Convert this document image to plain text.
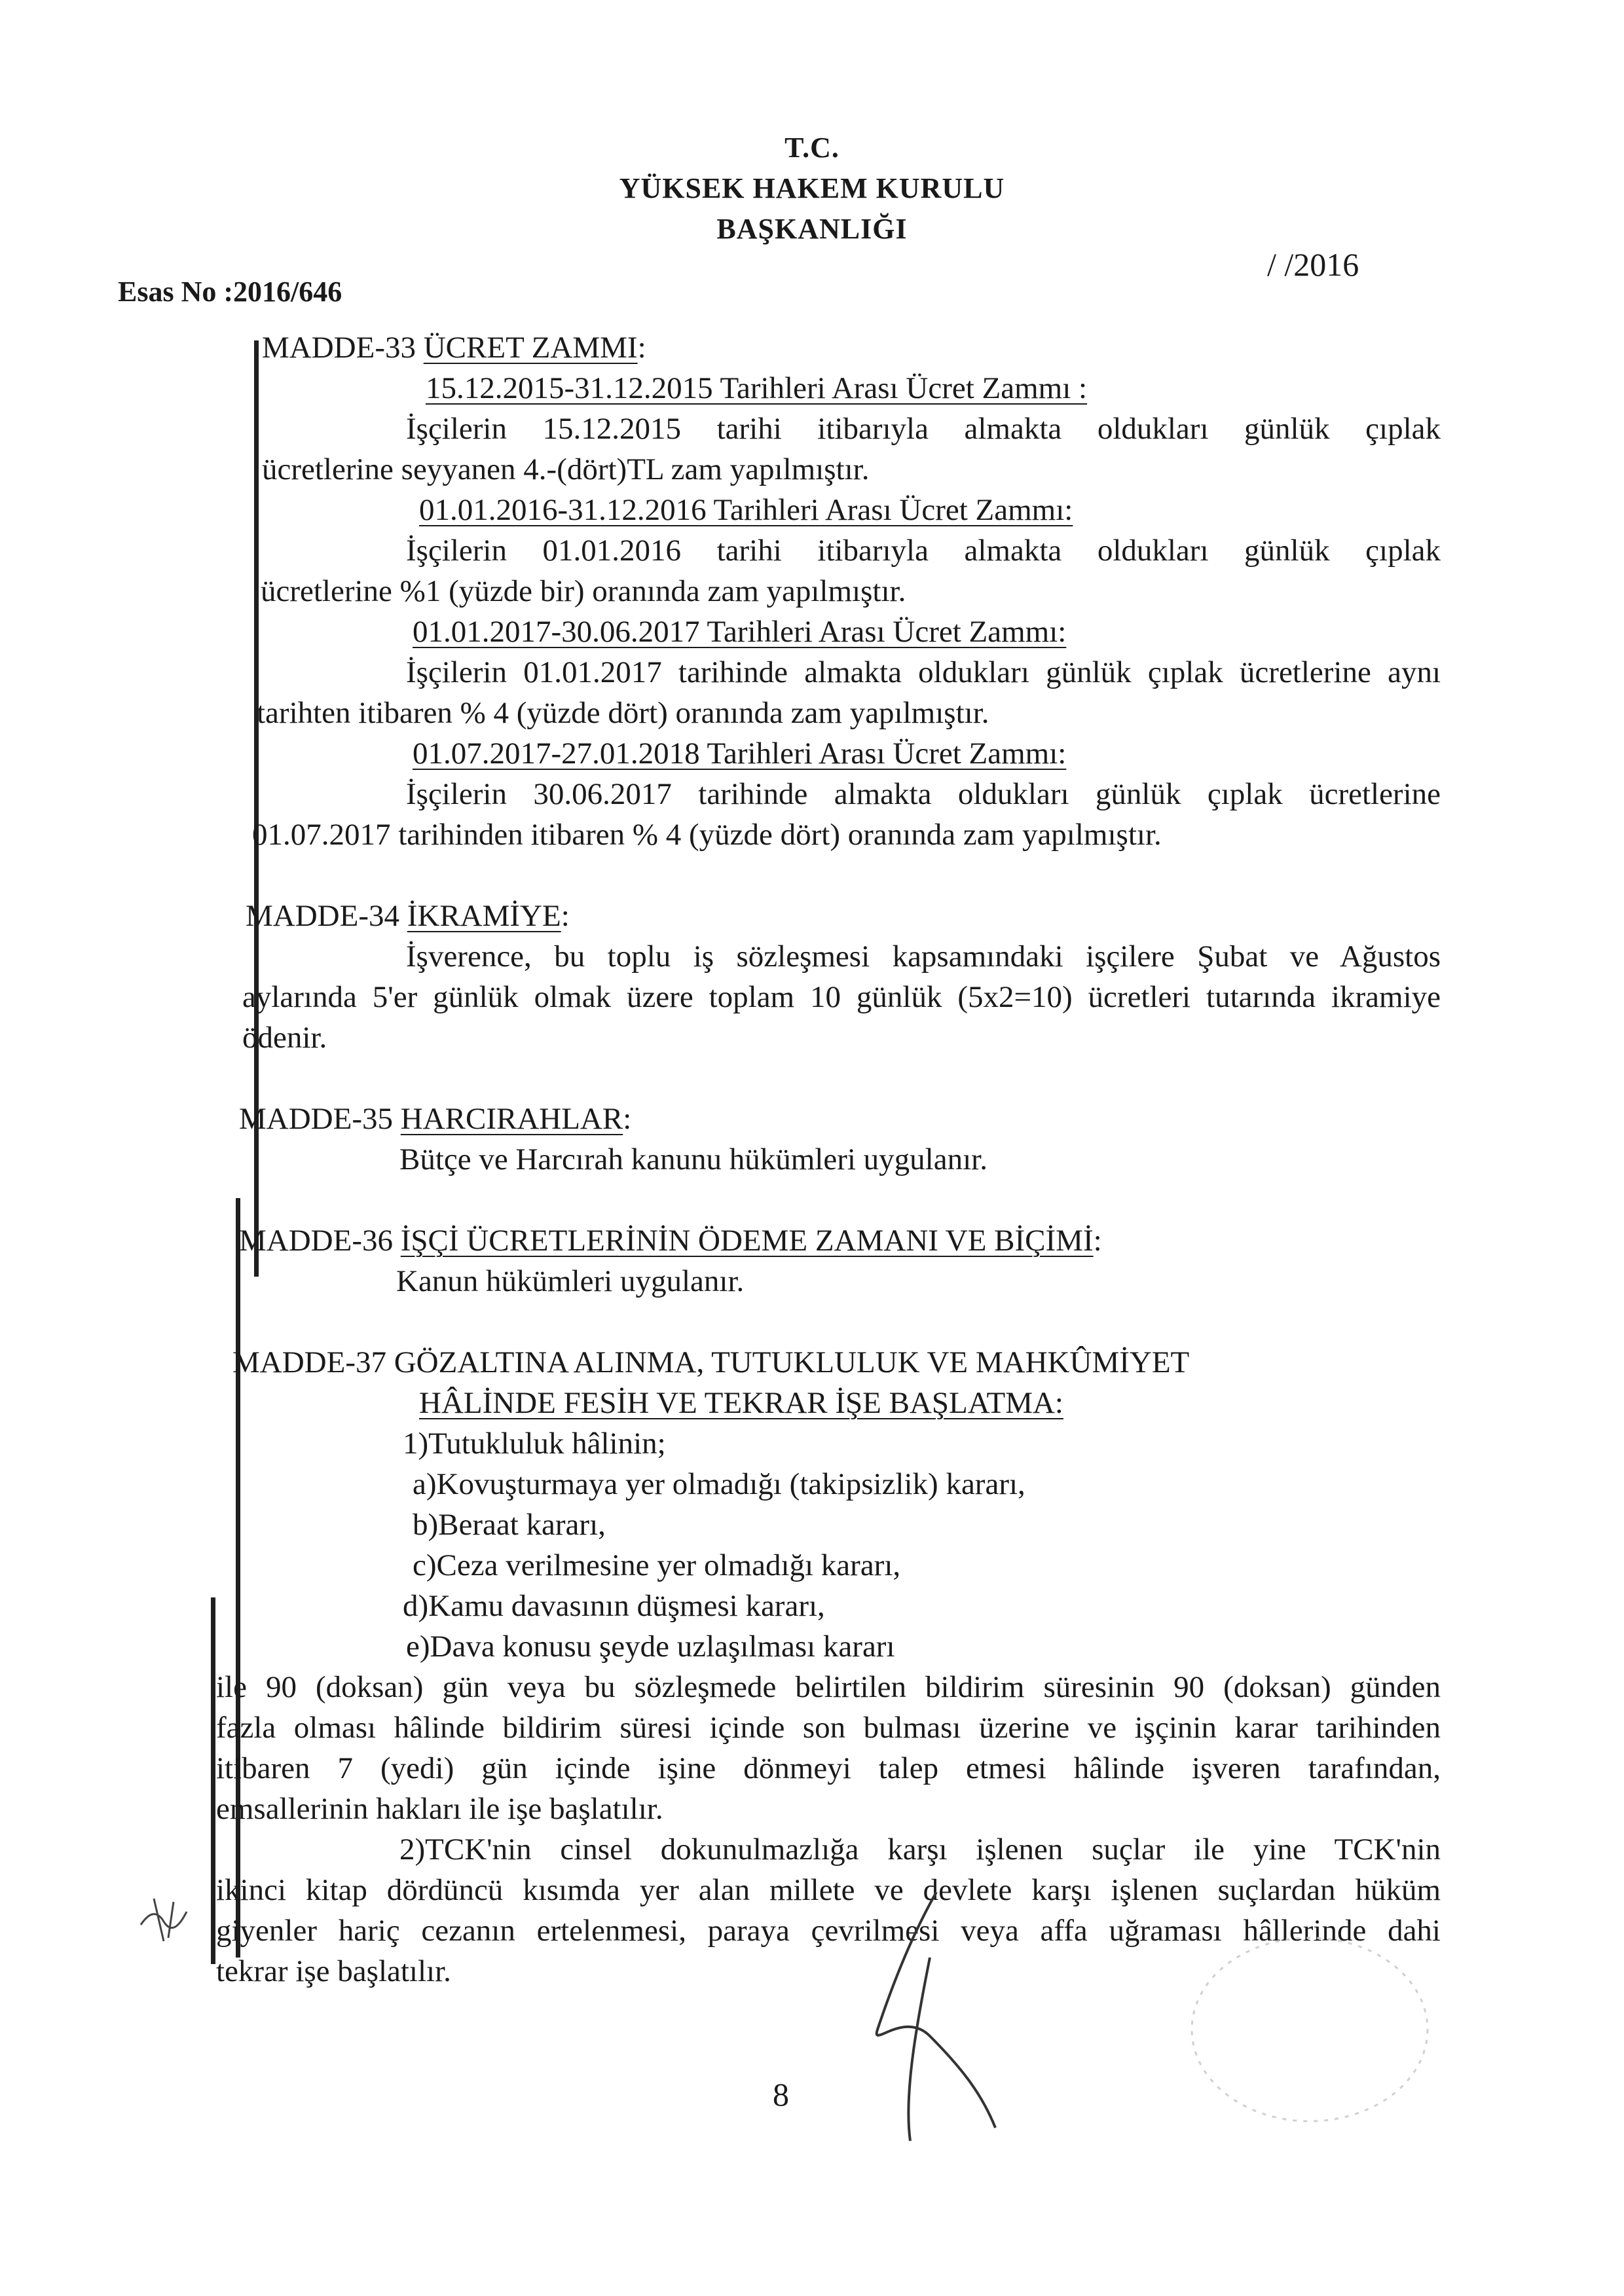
T.C.
YÜKSEK HAKEM KURULU
BAŞKANLIĞI
Esas No :2016/646
/ /2016
MADDE-33 ÜCRET ZAMMI:
15.12.2015-31.12.2015 Tarihleri Arası Ücret Zammı :
İşçilerin 15.12.2015 tarihi itibarıyla almakta oldukları günlük çıplak
ücretlerine seyyanen 4.-(dört)TL zam yapılmıştır.
01.01.2016-31.12.2016 Tarihleri Arası Ücret Zammı:
İşçilerin 01.01.2016 tarihi itibarıyla almakta oldukları günlük çıplak
ücretlerine %1 (yüzde bir) oranında zam yapılmıştır.
01.01.2017-30.06.2017 Tarihleri Arası Ücret Zammı:
İşçilerin 01.01.2017 tarihinde almakta oldukları günlük çıplak ücretlerine aynı
tarihten itibaren % 4 (yüzde dört) oranında zam yapılmıştır.
01.07.2017-27.01.2018 Tarihleri Arası Ücret Zammı:
İşçilerin 30.06.2017 tarihinde almakta oldukları günlük çıplak ücretlerine
01.07.2017 tarihinden itibaren % 4 (yüzde dört) oranında zam yapılmıştır.
MADDE-34 İKRAMİYE:
İşverence, bu toplu iş sözleşmesi kapsamındaki işçilere Şubat ve Ağustos
aylarında 5'er günlük olmak üzere toplam 10 günlük (5x2=10) ücretleri tutarında ikramiye
ödenir.
MADDE-35 HARCIRAHLAR:
Bütçe ve Harcırah kanunu hükümleri uygulanır.
MADDE-36 İŞÇİ ÜCRETLERİNİN ÖDEME ZAMANI VE BİÇİMİ:
Kanun hükümleri uygulanır.
MADDE-37 GÖZALTINA ALINMA, TUTUKLULUK VE MAHKÛMİYET
HÂLİNDE FESİH VE TEKRAR İŞE BAŞLATMA:
1)Tutukluluk hâlinin;
a)Kovuşturmaya yer olmadığı (takipsizlik) kararı,
b)Beraat kararı,
c)Ceza verilmesine yer olmadığı kararı,
d)Kamu davasının düşmesi kararı,
e)Dava konusu şeyde uzlaşılması kararı
ile 90 (doksan) gün veya bu sözleşmede belirtilen bildirim süresinin 90 (doksan) günden
fazla olması hâlinde bildirim süresi içinde son bulması üzerine ve işçinin karar tarihinden
itibaren 7 (yedi) gün içinde işine dönmeyi talep etmesi hâlinde işveren tarafından,
emsallerinin hakları ile işe başlatılır.
2)TCK'nin cinsel dokunulmazlığa karşı işlenen suçlar ile yine TCK'nin
ikinci kitap dördüncü kısımda yer alan millete ve devlete karşı işlenen suçlardan hüküm
giyenler hariç cezanın ertelenmesi, paraya çevrilmesi veya affa uğraması hâllerinde dahi
tekrar işe başlatılır.
8
